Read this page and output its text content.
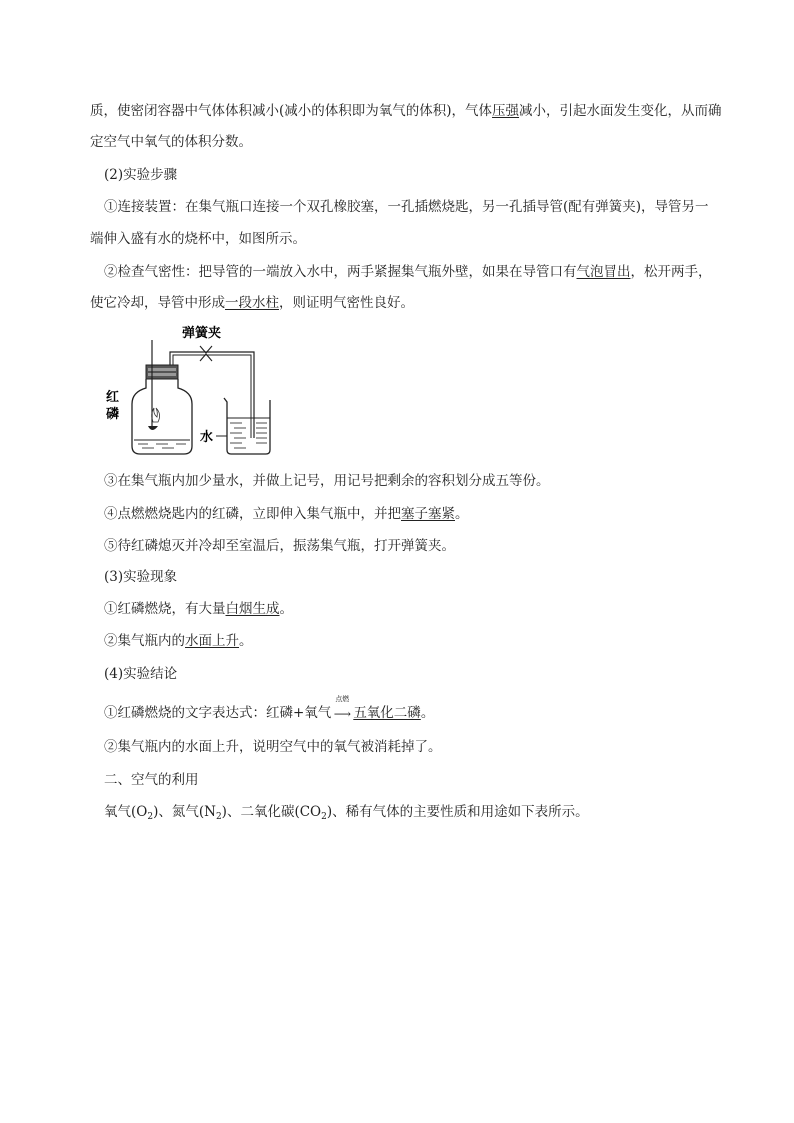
质，使密闭容器中气体体积减小(减小的体积即为氧气的体积)，气体压强减小，引起水面发生变化，从而确
定空气中氧气的体积分数。
(2)实验步骤
①连接装置：在集气瓶口连接一个双孔橡胶塞，一孔插燃烧匙，另一孔插导管(配有弹簧夹)，导管另一
端伸入盛有水的烧杯中，如图所示。
②检查气密性：把导管的一端放入水中，两手紧握集气瓶外壁，如果在导管口有气泡冒出，松开两手，
使它冷却，导管中形成一段水柱，则证明气密性良好。
弹簧夹
红
磷
水
③在集气瓶内加少量水，并做上记号，用记号把剩余的容积划分成五等份。
④点燃燃烧匙内的红磷，立即伸入集气瓶中，并把塞子塞紧。
⑤待红磷熄灭并冷却至室温后，振荡集气瓶，打开弹簧夹。
(3)实验现象
①红磷燃烧，有大量白烟生成。
②集气瓶内的水面上升。
(4)实验结论
①红磷燃烧的文字表达式：红磷+氧气
点燃
⟶ 五氧化二磷。
②集气瓶内的水面上升，说明空气中的氧气被消耗掉了。
二、空气的利用
氧气$(O_2)$、氮气$(N_2)$、二氧化碳$(CO_2)$、稀有气体的主要性质和用途如下表所示。
